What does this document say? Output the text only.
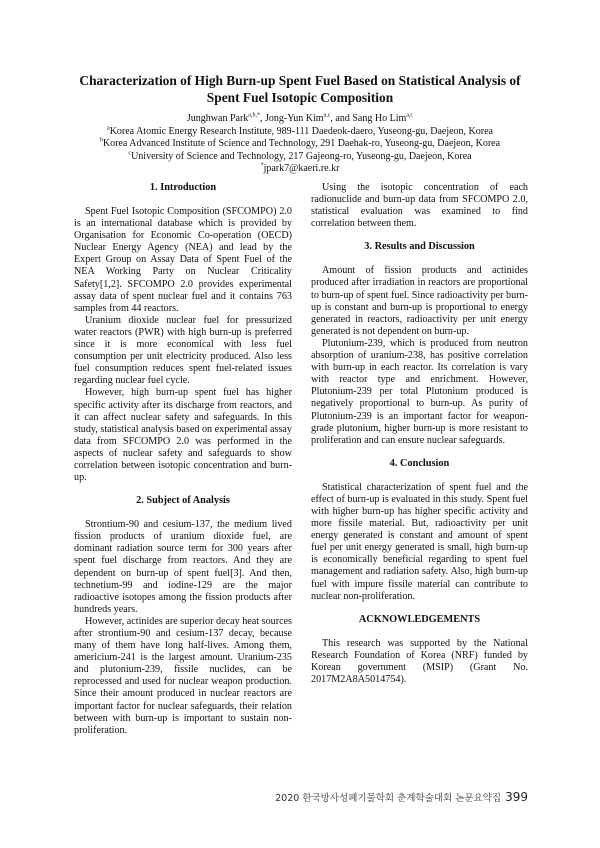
Characterization of High Burn-up Spent Fuel Based on Statistical Analysis of
Spent Fuel Isotopic Composition
Junghwan Park$^{a,b,*}$, Jong-Yun Kim$^{a,c}$, and Sang Ho Lim$^{a,c}$
$^a$Korea Atomic Energy Research Institute, 989-111 Daedeok-daero, Yuseong-gu, Daejeon, Korea
$^b$Korea Advanced Institute of Science and Technology, 291 Daehak-ro, Yuseong-gu, Daejeon, Korea
$^c$University of Science and Technology, 217 Gajeong-ro, Yuseong-gu, Daejeon, Korea
*jpark7@kaeri.re.kr
1. Introduction

Spent Fuel Isotopic Composition (SFCOMPO) 2.0 is an international database which is provided by Organisation for Economic Co-operation (OECD) Nuclear Energy Agency (NEA) and lead by the Expert Group on Assay Data of Spent Fuel of the NEA Working Party on Nuclear Criticality Safety[1,2]. SFCOMPO 2.0 provides experimental assay data of spent nuclear fuel and it contains 763 samples from 44 reactors.

Uranium dioxide nuclear fuel for pressurized water reactors (PWR) with high burn-up is preferred since it is more economical with less fuel consumption per unit electricity produced. Also less fuel consumption reduces spent fuel-related issues regarding nuclear fuel cycle.

However, high burn-up spent fuel has higher specific activity after its discharge from reactors, and it can affect nuclear safety and safeguards. In this study, statistical analysis based on experimental assay data from SFCOMPO 2.0 was performed in the aspects of nuclear safety and safeguards to show correlation between isotopic concentration and burn-up.

2. Subject of Analysis

Strontium-90 and cesium-137, the medium lived fission products of uranium dioxide fuel, are dominant radiation source term for 300 years after spent fuel discharge from reactors. And they are dependent on burn-up of spent fuel[3]. And then, technetium-99 and iodine-129 are the major radioactive isotopes among the fission products after hundreds years.

However, actinides are superior decay heat sources after strontium-90 and cesium-137 decay, because many of them have long half-lives. Among them, americium-241 is the largest amount. Uranium-235 and plutonium-239, fissile nuclides, can be reprocessed and used for nuclear weapon production. Since their amount produced in nuclear reactors are important factor for nuclear safeguards, their relation between with burn-up is important to sustain non-proliferation.

Using the isotopic concentration of each radionuclide and burn-up data from SFCOMPO 2.0, statistical evaluation was examined to find correlation between them.

3. Results and Discussion

Amount of fission products and actinides produced after irradiation in reactors are proportional to burn-up of spent fuel. Since radioactivity per burn-up is constant and burn-up is proportional to energy generated in reactors, radioactivity per unit energy generated is not dependent on burn-up.

Plutonium-239, which is produced from neutron absorption of uranium-238, has positive correlation with burn-up in each reactor. Its correlation is vary with reactor type and enrichment. However, Plutonium-239 per total Plutonium produced is negatively proportional to burn-up. As purity of Plutonium-239 is an important factor for weapon-grade plutonium, higher burn-up is more resistant to proliferation and can ensure nuclear safeguards.

4. Conclusion

Statistical characterization of spent fuel and the effect of burn-up is evaluated in this study. Spent fuel with higher burn-up has higher specific activity and more fissile material. But, radioactivity per unit energy generated is constant and amount of spent fuel per unit energy generated is small, high burn-up is economically beneficial regarding to spent fuel management and radiation safety. Also, high burn-up fuel with impure fissile material can contribute to nuclear non-proliferation.

ACKNOWLEDGEMENTS

This research was supported by the National Research Foundation of Korea (NRF) funded by Korean government (MSIP) (Grant No. 2017M2A8A5014754).

2020 한국방사성폐기물학회 춘계학술대회 논문요약집 399
